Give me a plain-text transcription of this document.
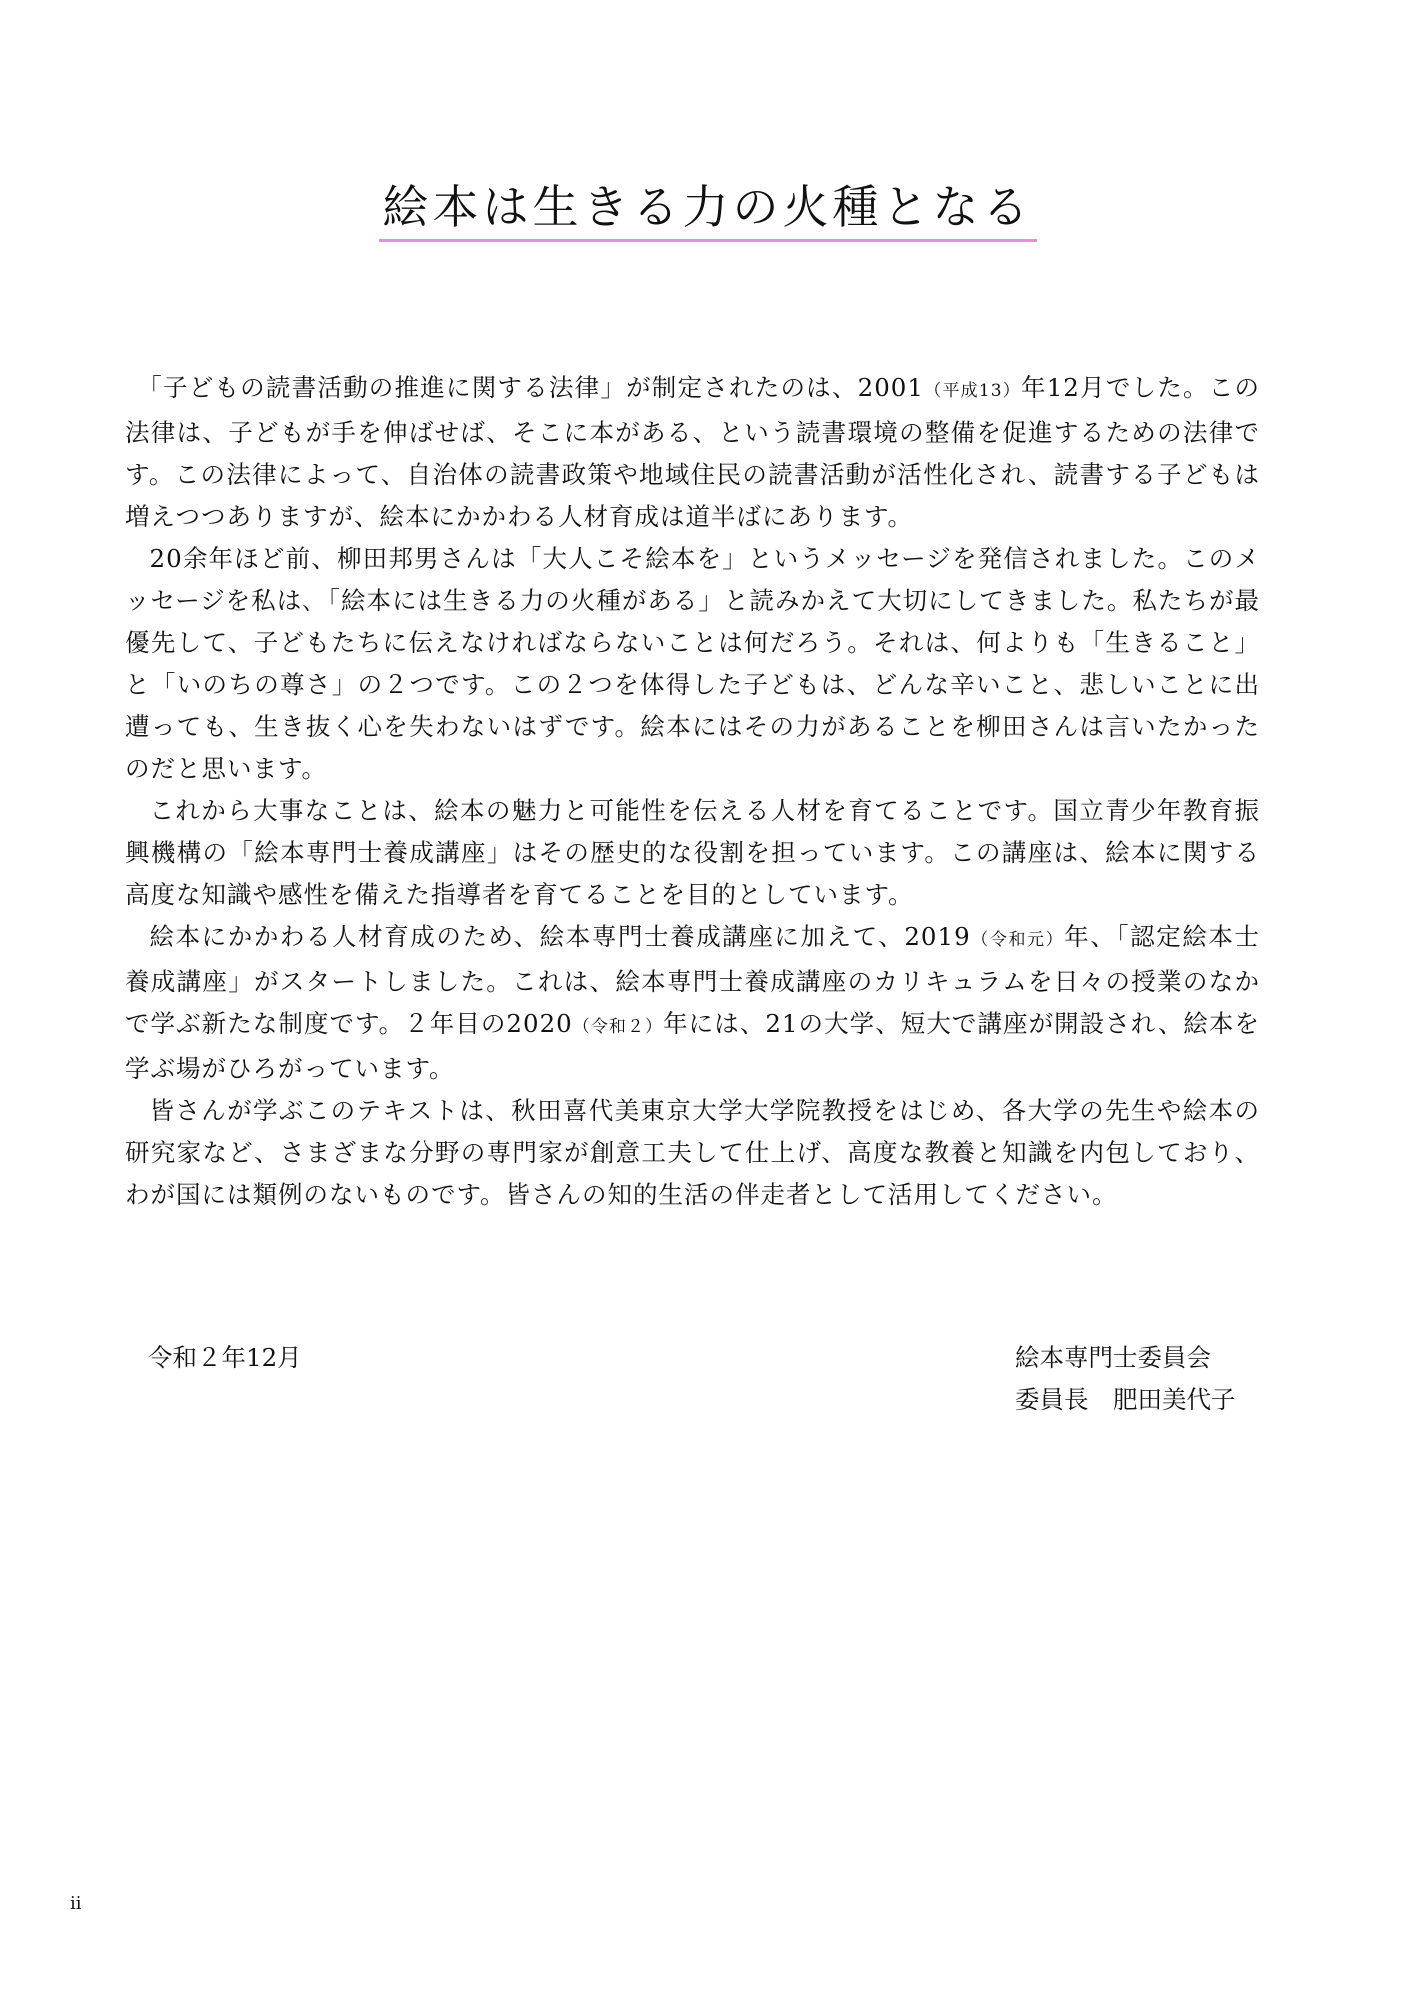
絵本は生きる力の火種となる

「子どもの読書活動の推進に関する法律」が制定されたのは、2001（平成13）年12月でした。この法律は、子どもが手を伸ばせば、そこに本がある、という読書環境の整備を促進するための法律です。この法律によって、自治体の読書政策や地域住民の読書活動が活性化され、読書する子どもは増えつつありますが、絵本にかかわる人材育成は道半ばにあります。

20余年ほど前、柳田邦男さんは「大人こそ絵本を」というメッセージを発信されました。このメッセージを私は､「絵本には生きる力の火種がある」と読みかえて大切にしてきました。私たちが最優先して、子どもたちに伝えなければならないことは何だろう。それは、何よりも「生きること」と「いのちの尊さ」の２つです。この２つを体得した子どもは、どんな辛いこと、悲しいことに出遭っても、生き抜く心を失わないはずです。絵本にはその力があることを柳田さんは言いたかったのだと思います。

これから大事なことは、絵本の魅力と可能性を伝える人材を育てることです。国立青少年教育振興機構の「絵本専門士養成講座」はその歴史的な役割を担っています。この講座は、絵本に関する高度な知識や感性を備えた指導者を育てることを目的としています。

絵本にかかわる人材育成のため、絵本専門士養成講座に加えて、2019（令和元）年、「認定絵本士養成講座」がスタートしました。これは、絵本専門士養成講座のカリキュラムを日々の授業のなかで学ぶ新たな制度です。２年目の2020（令和２）年には、21の大学、短大で講座が開設され、絵本を学ぶ場がひろがっています。

皆さんが学ぶこのテキストは、秋田喜代美東京大学大学院教授をはじめ、各大学の先生や絵本の研究家など、さまざまな分野の専門家が創意工夫して仕上げ、高度な教養と知識を内包しており、わが国には類例のないものです。皆さんの知的生活の伴走者として活用してください。

令和２年12月	絵本専門士委員会
委員長　肥田美代子
ii
